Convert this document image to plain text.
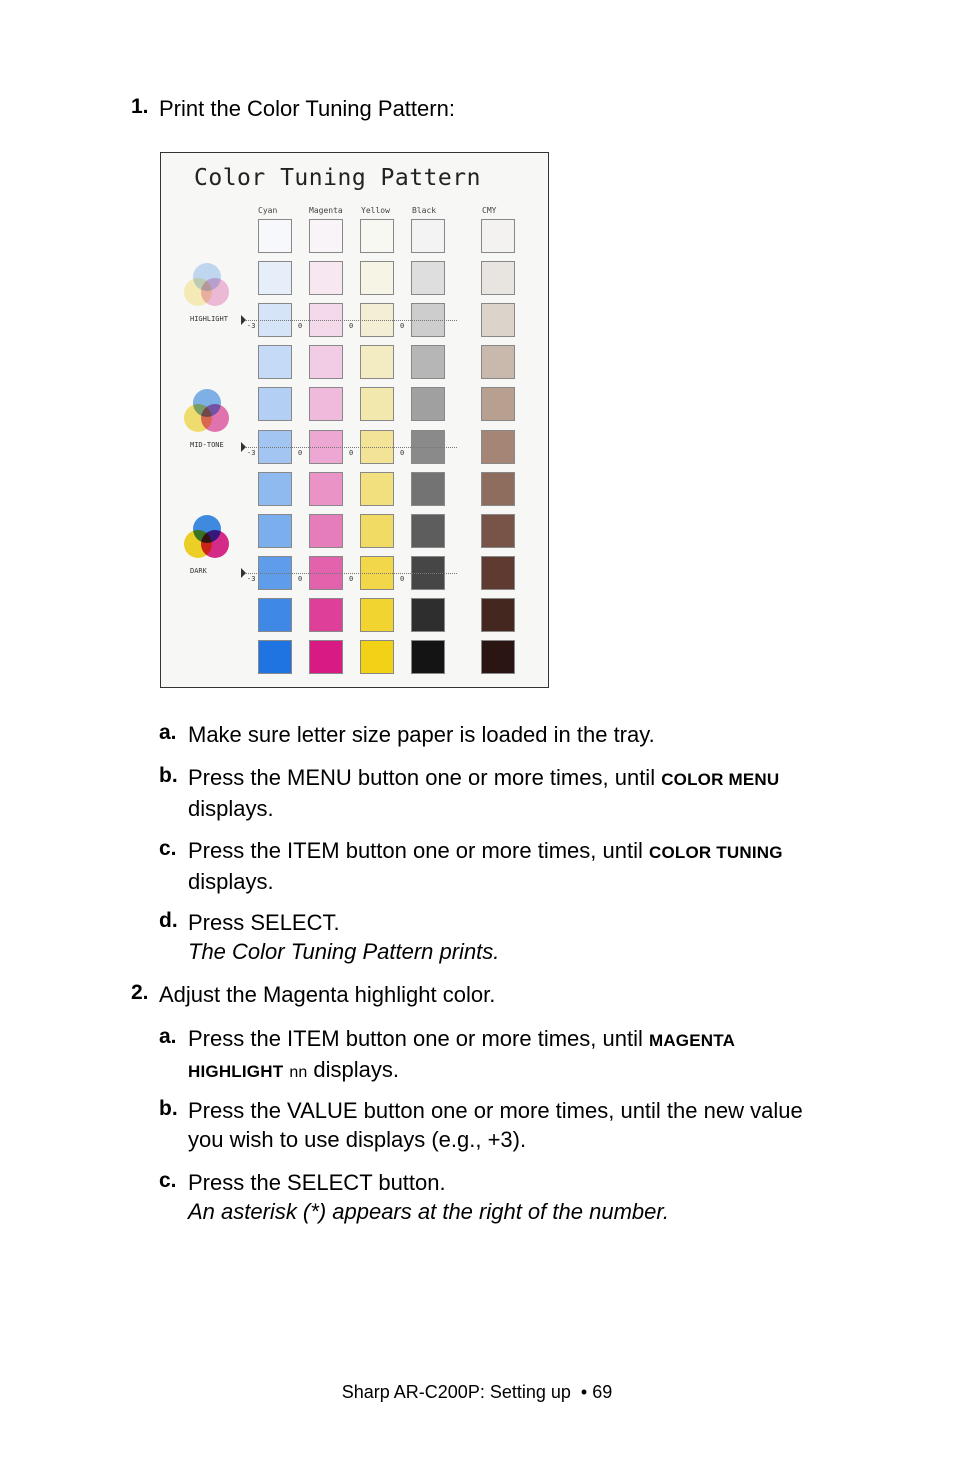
1. Print the Color Tuning Pattern:
Color Tuning Pattern
Cyan	Magenta Yellow	Black	CMY
-3	0	0	0
HIGHLIGHT
-3	0	0	0
MID-TONE
-3	0	0	0
DARK
a. Make sure letter size paper is loaded in the tray.
b. Press the MENU button one or more times, until COLOR MENU
displays.
c. Press the ITEM button one or more times, until COLOR TUNING
displays.
d. Press SELECT.
The Color Tuning Pattern prints.
2. Adjust the Magenta highlight color.
a. Press the ITEM button one or more times, until MAGENTA
HIGHLIGHT nn displays.
b. Press the VALUE button one or more times, until the new value
you wish to use displays (e.g., +3).
c. Press the SELECT button.
An asterisk (*) appears at the right of the number.
Sharp AR-C200P: Setting up • 69
